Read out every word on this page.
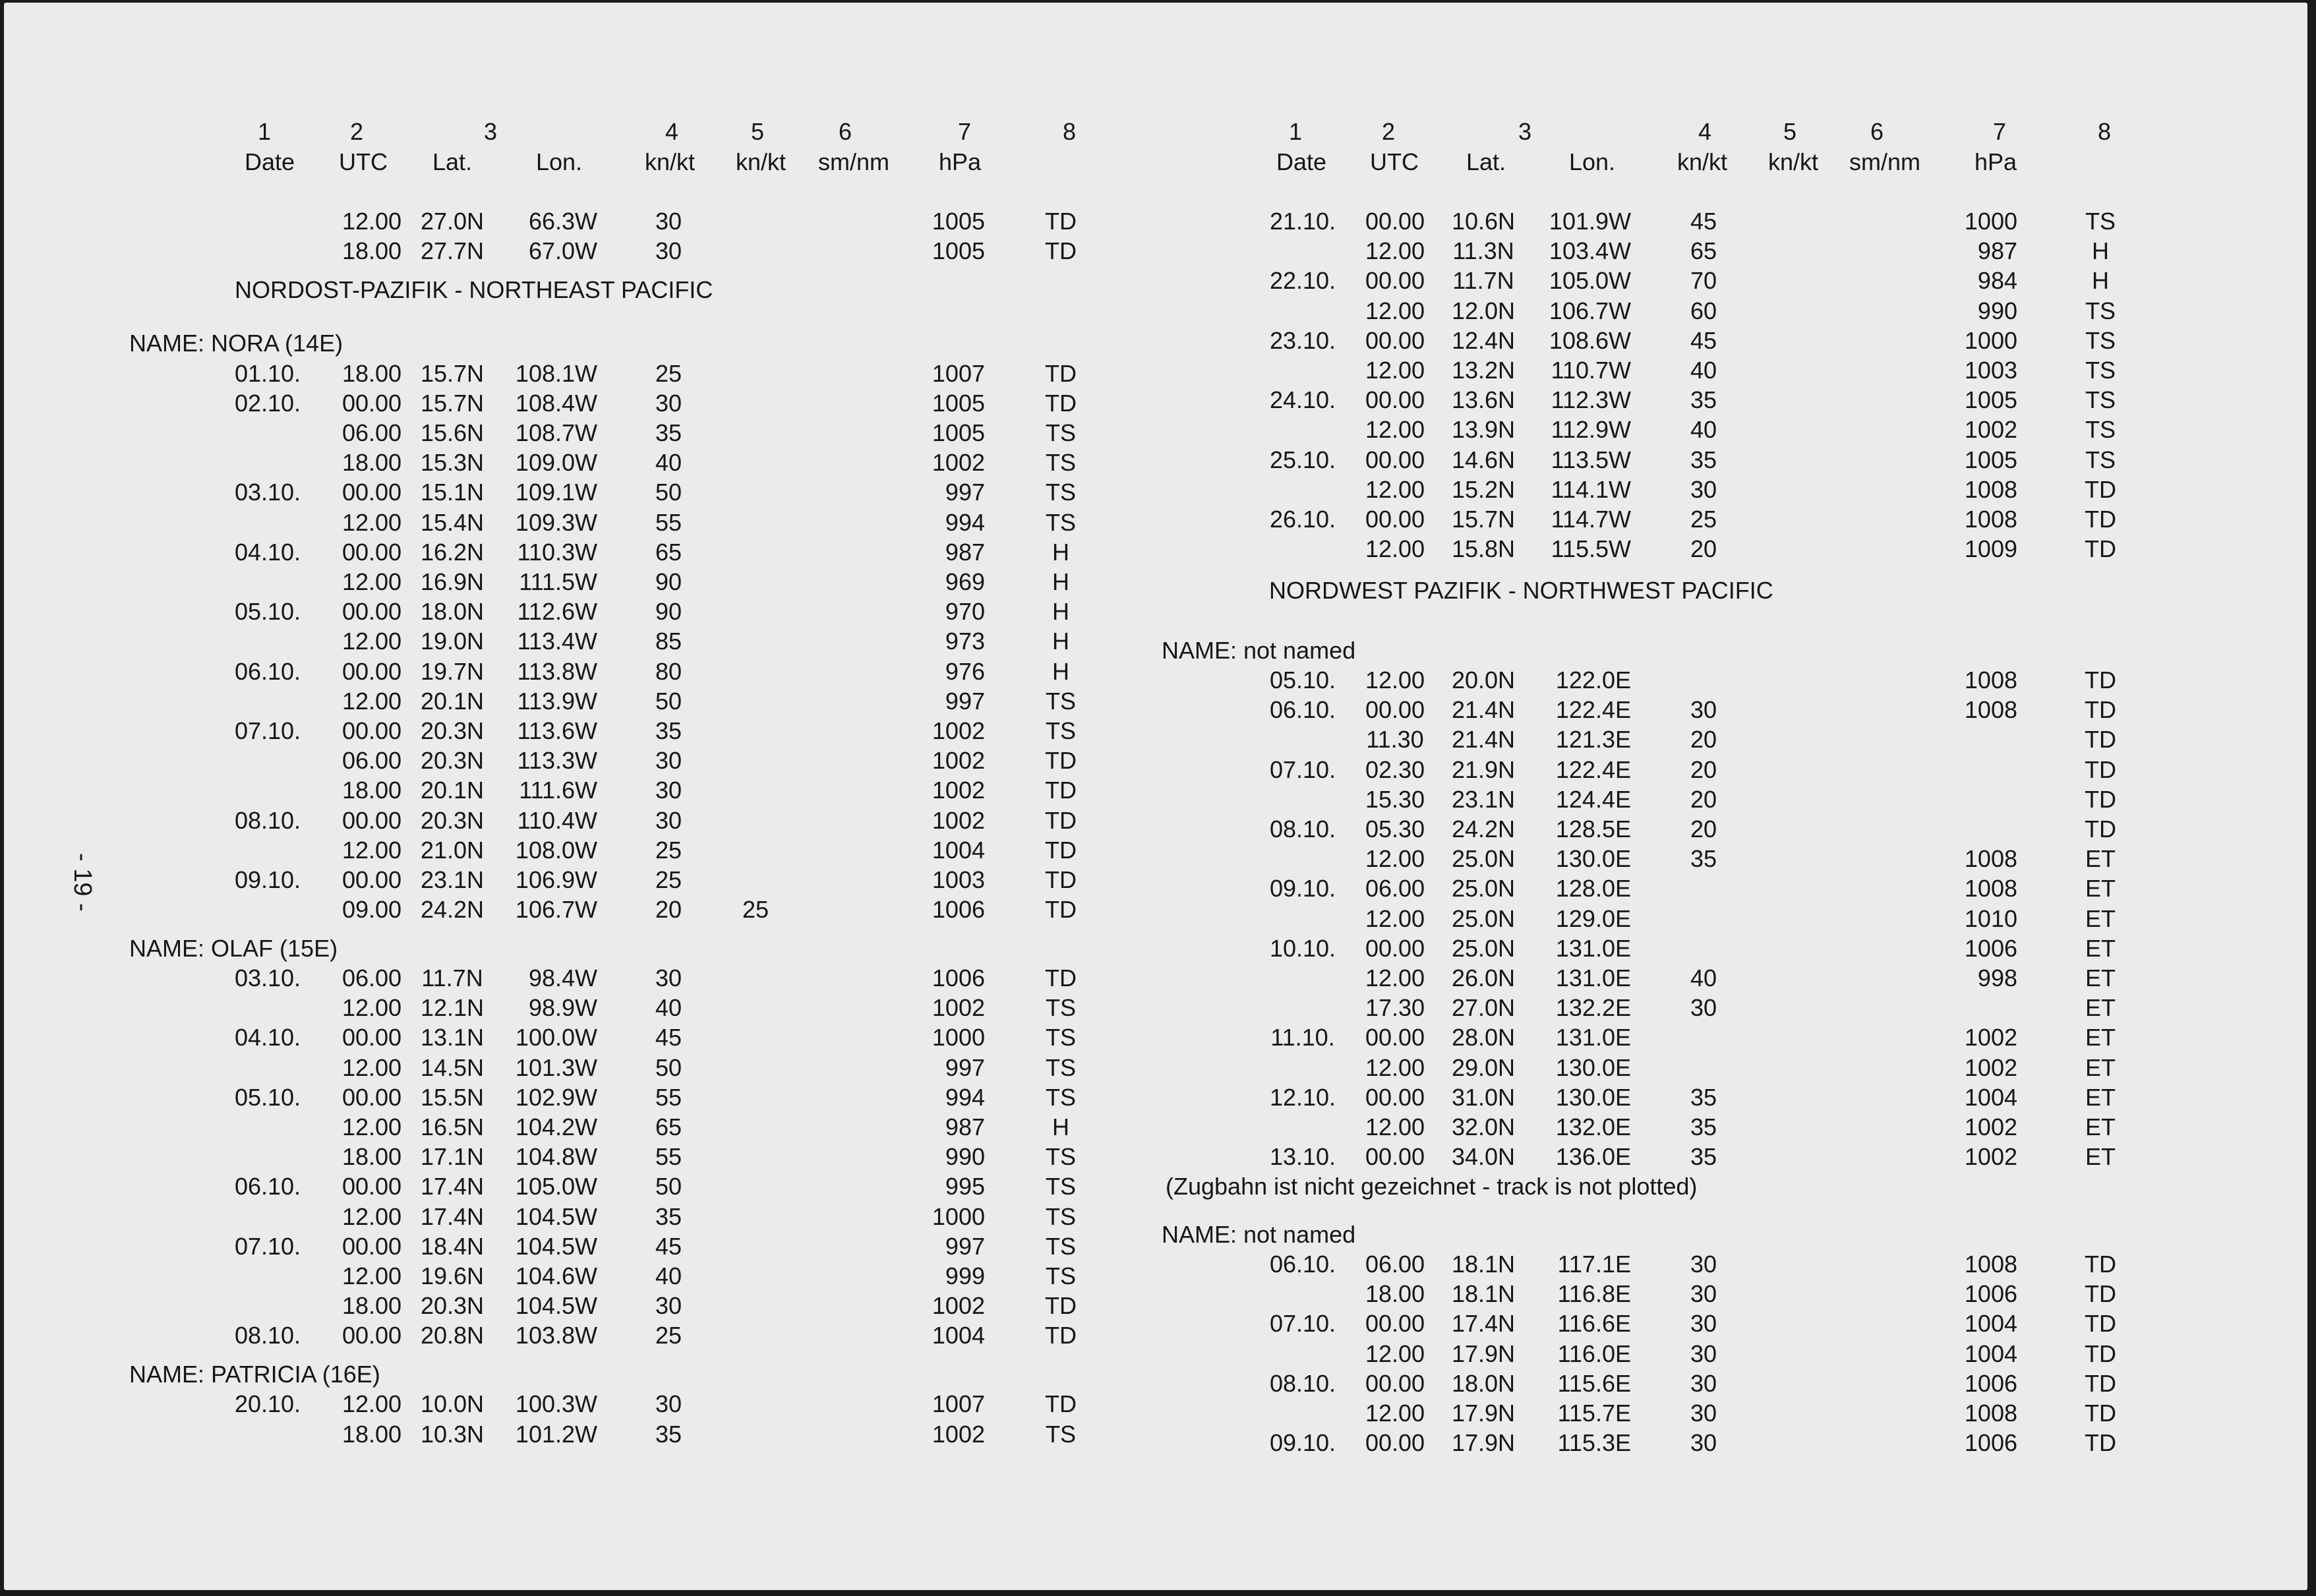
- 19 -
1	2	3	4	5	6	7	8
Date UTC Lat.	Lon.	kn/kt kn/kt sm/nm hPa
12.00 27.0N 66.3W 30	1005	TD
18.00 27.7N 67.0W 30	1005	TD
NORDOST-PAZIFIK - NORTHEAST PACIFIC
NAME: NORA (14E)
01.10. 18.00 15.7N 108.1W 25	1007	TD
02.10. 00.00 15.7N 108.4W 30	1005	TD
06.00 15.6N 108.7W 35	1005	TS
18.00 15.3N 109.0W 40	1002	TS
03.10. 00.00 15.1N 109.1W 50	997	TS
12.00 15.4N 109.3W 55	994	TS
04.10. 00.00 16.2N 110.3W 65	987	H
12.00 16.9N 111.5W 90	969	H
05.10. 00.00 18.0N 112.6W 90	970	H
12.00 19.0N 113.4W 85	973	H
06.10. 00.00 19.7N 113.8W 80	976	H
12.00 20.1N 113.9W 50	997	TS
07.10. 00.00 20.3N 113.6W 35	1002	TS
06.00 20.3N 113.3W 30	1002	TD
18.00 20.1N 111.6W 30	1002	TD
08.10. 00.00 20.3N 110.4W 30	1002	TD
12.00 21.0N 108.0W 25	1004	TD
09.10. 00.00 23.1N 106.9W 25	1003	TD
09.00 24.2N 106.7W 20	25	1006	TD
NAME: OLAF (15E)
03.10. 06.00 11.7N 98.4W 30	1006	TD
12.00 12.1N 98.9W 40	1002	TS
04.10. 00.00 13.1N 100.0W 45	1000	TS
12.00 14.5N 101.3W 50	997	TS
05.10. 00.00 15.5N 102.9W 55	994	TS
12.00 16.5N 104.2W 65	987	H
18.00 17.1N 104.8W 55	990	TS
06.10. 00.00 17.4N 105.0W 50	995	TS
12.00 17.4N 104.5W 35	1000	TS
07.10. 00.00 18.4N 104.5W 45	997	TS
12.00 19.6N 104.6W 40	999	TS
18.00 20.3N 104.5W 30	1002	TD
08.10. 00.00 20.8N 103.8W 25	1004	TD
NAME: PATRICIA (16E)
20.10. 12.00 10.0N 100.3W 30	1007	TD
18.00 10.3N 101.2W 35	1002	TS
1	2	3	4	5	6	7	8
Date UTC Lat.	Lon.	kn/kt kn/kt sm/nm hPa
21.10. 00.00 10.6N 101.9W 45	1000	TS
12.00 11.3N 103.4W 65	987	H
22.10. 00.00 11.7N 105.0W 70	984	H
12.00 12.0N 106.7W 60	990	TS
23.10. 00.00 12.4N 108.6W 45	1000	TS
12.00 13.2N 110.7W 40	1003	TS
24.10. 00.00 13.6N 112.3W 35	1005	TS
12.00 13.9N 112.9W 40	1002	TS
25.10. 00.00 14.6N 113.5W 35	1005	TS
12.00 15.2N 114.1W 30	1008	TD
26.10. 00.00 15.7N 114.7W 25	1008	TD
12.00 15.8N 115.5W 20	1009	TD
NORDWEST PAZIFIK - NORTHWEST PACIFIC
NAME: not named
05.10. 12.00 20.0N 122.0E	1008	TD
06.10. 00.00 21.4N 122.4E 30	1008	TD
11.30 21.4N 121.3E 20	TD
07.10. 02.30 21.9N 122.4E 20	TD
15.30 23.1N 124.4E 20	TD
08.10. 05.30 24.2N 128.5E 20	TD
12.00 25.0N 130.0E 35	1008	ET
09.10. 06.00 25.0N 128.0E	1008	ET
12.00 25.0N 129.0E	1010	ET
10.10. 00.00 25.0N 131.0E	1006	ET
12.00 26.0N 131.0E 40	998	ET
17.30 27.0N 132.2E 30	ET
11.10. 00.00 28.0N 131.0E	1002	ET
12.00 29.0N 130.0E	1002	ET
12.10. 00.00 31.0N 130.0E 35	1004	ET
12.00 32.0N 132.0E 35	1002	ET
13.10. 00.00 34.0N 136.0E 35	1002	ET
(Zugbahn ist nicht gezeichnet - track is not plotted)
NAME: not named
06.10. 06.00 18.1N 117.1E 30	1008	TD
18.00 18.1N 116.8E 30	1006	TD
07.10. 00.00 17.4N 116.6E 30	1004	TD
12.00 17.9N 116.0E 30	1004	TD
08.10. 00.00 18.0N 115.6E 30	1006	TD
12.00 17.9N 115.7E 30	1008	TD
09.10. 00.00 17.9N 115.3E 30	1006	TD
